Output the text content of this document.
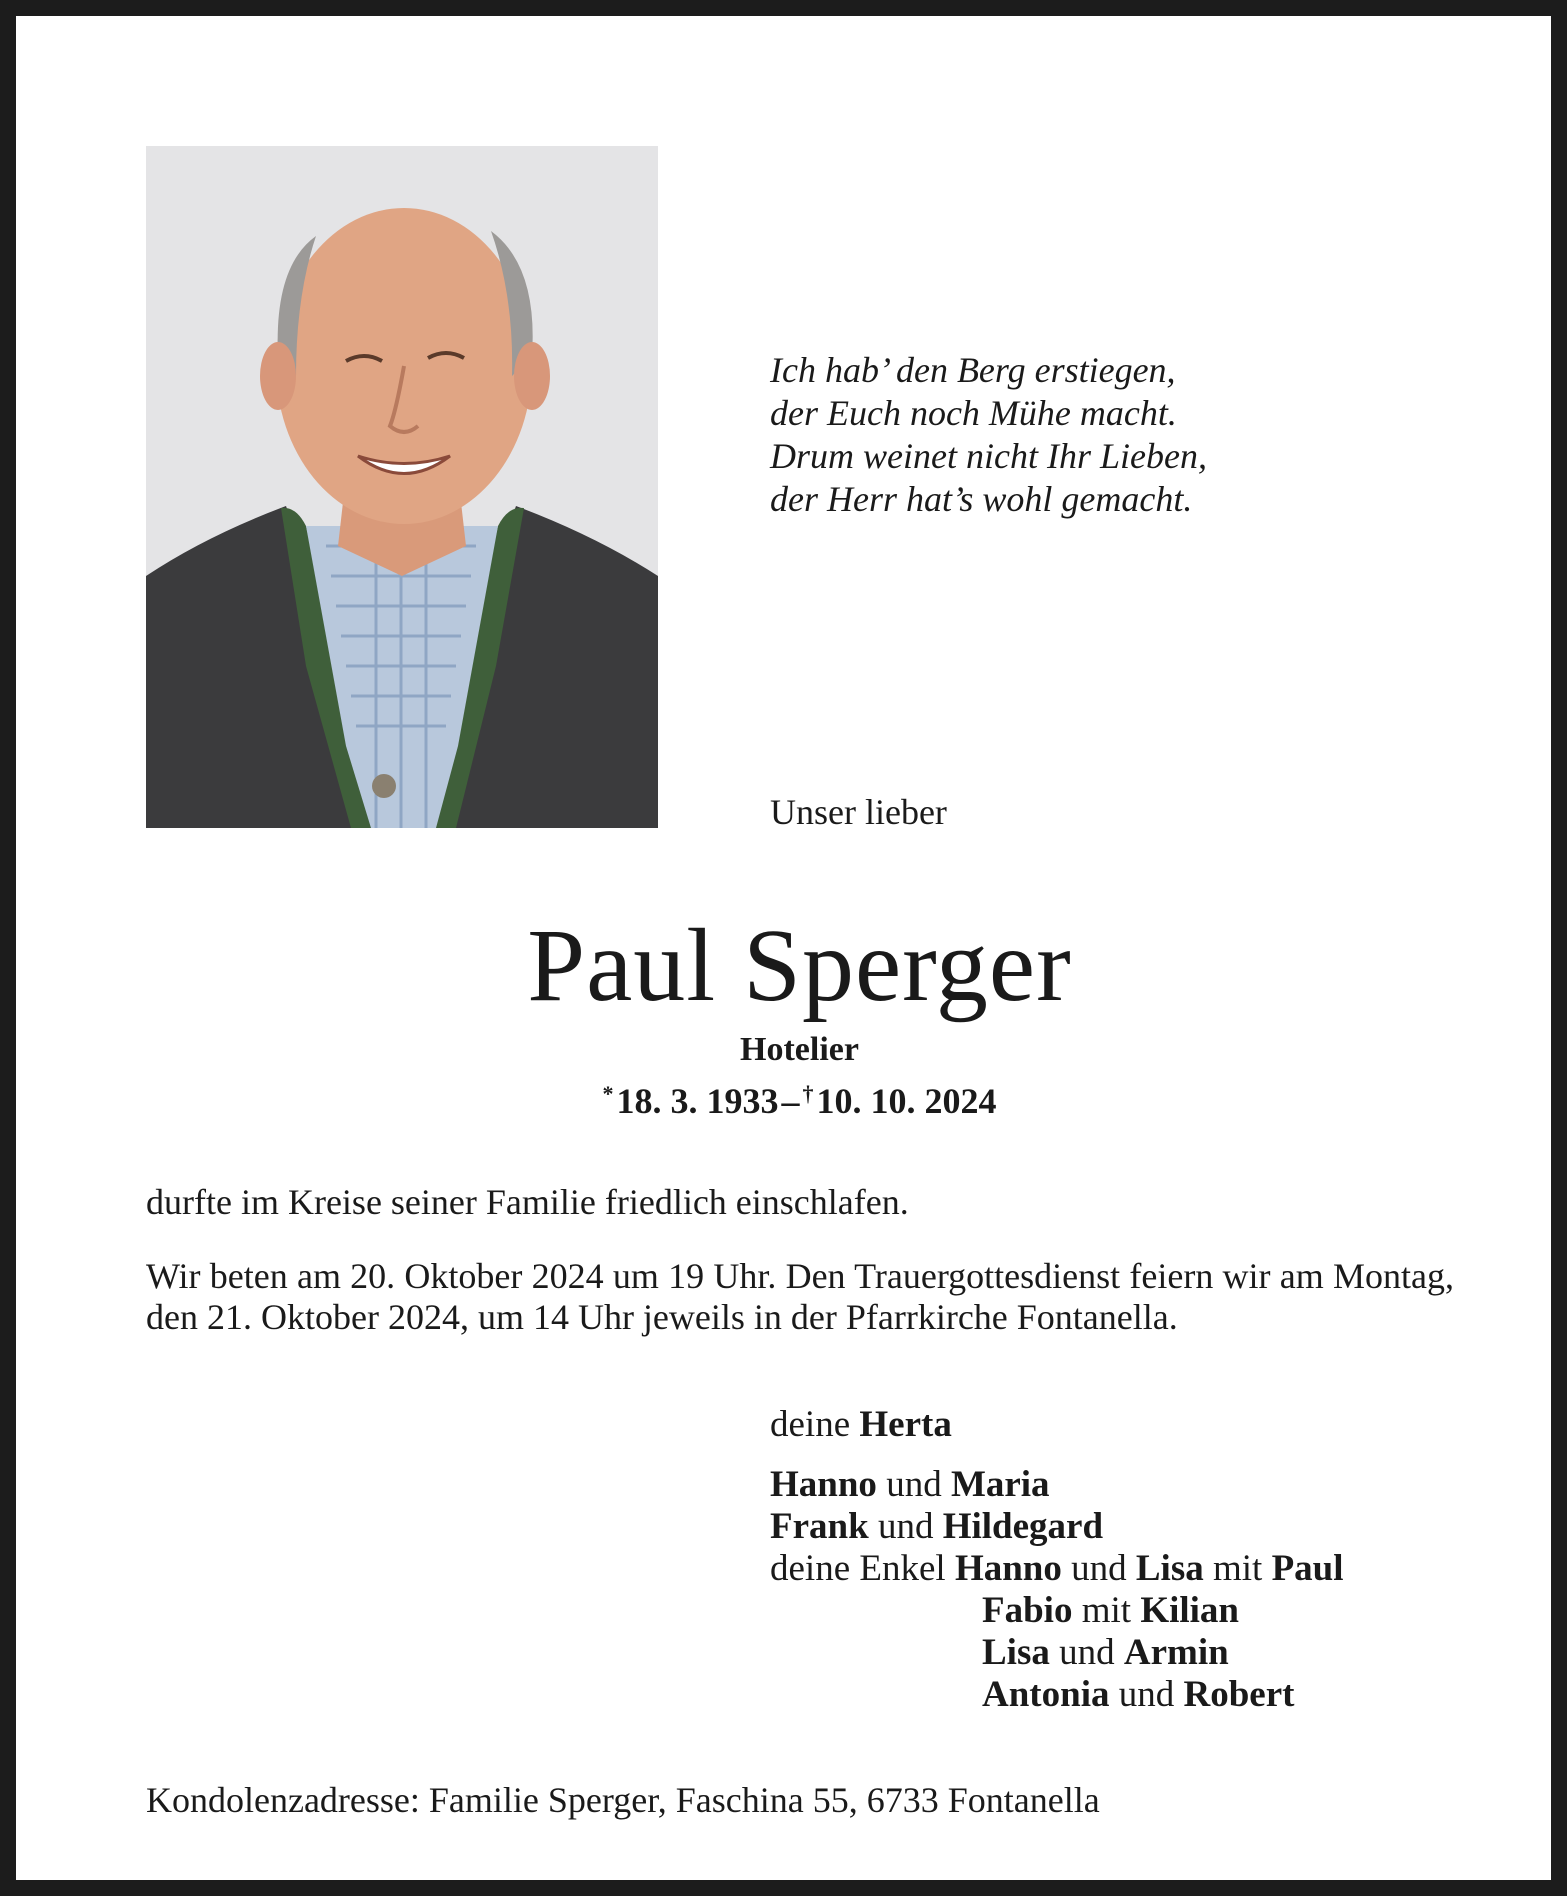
Ich hab’ den Berg erstiegen,
der Euch noch Mühe macht.
Drum weinet nicht Ihr Lieben,
der Herr hat’s wohl gemacht.
Unser lieber
Paul Sperger
Hotelier
* 18. 3. 1933 –  † 10. 10. 2024
durfte im Kreise seiner Familie friedlich einschlafen.
Wir beten am 20. Oktober 2024 um 19 Uhr. Den Trauergottesdienst feiern wir am Montag, den 21. Oktober 2024, um 14 Uhr jeweils in der Pfarrkirche Fontanella.
deine Herta
Hanno und Maria
Frank und Hildegard
deine Enkel Hanno und Lisa mit Paul
Fabio mit Kilian
Lisa und Armin
Antonia und Robert
Kondolenzadresse: Familie Sperger, Faschina 55, 6733 Fontanella
